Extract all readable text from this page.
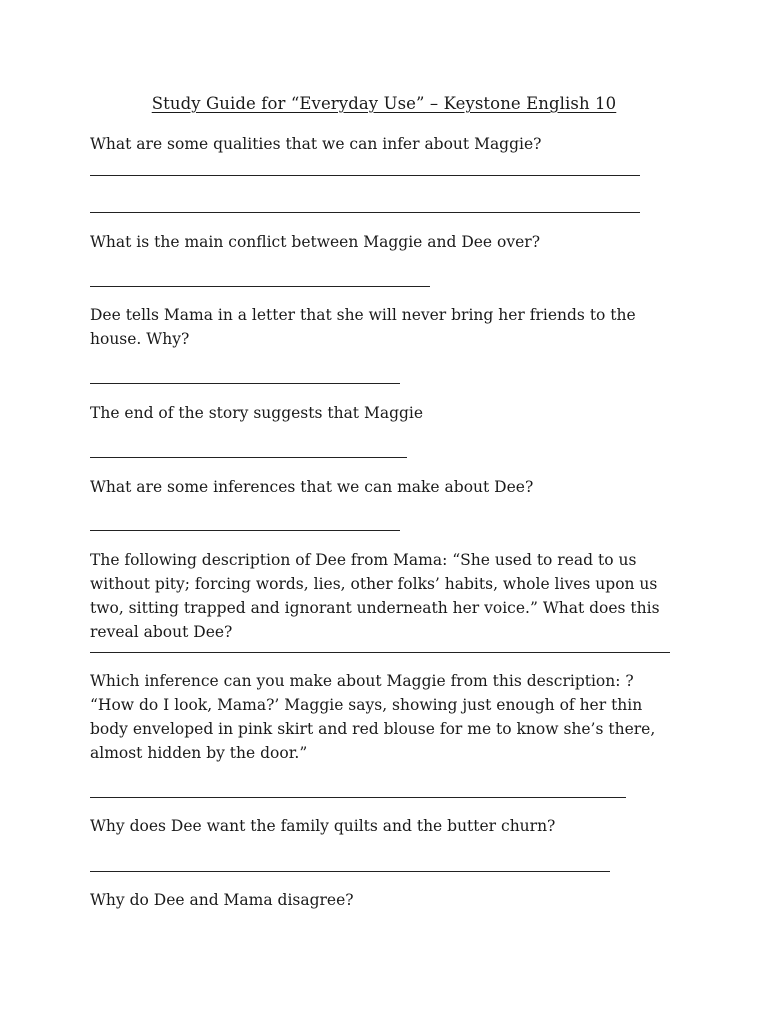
Study Guide for “Everyday Use” – Keystone English 10
What are some qualities that we can infer about Maggie?
What is the main conflict between Maggie and Dee over?
Dee tells Mama in a letter that she will never bring her friends to the house. Why?
The end of the story suggests that Maggie
What are some inferences that we can make about Dee?
The following description of Dee from Mama: “She used to read to us without pity; forcing words, lies, other folks’ habits, whole lives upon us two, sitting trapped and ignorant underneath her voice.” What does this reveal about Dee?
Which inference can you make about Maggie from this description: ? “How do I look, Mama?’ Maggie says, showing just enough of her thin body enveloped in pink skirt and red blouse for me to know she’s there, almost hidden by the door.”
Why does Dee want the family quilts and the butter churn?
Why do Dee and Mama disagree?
